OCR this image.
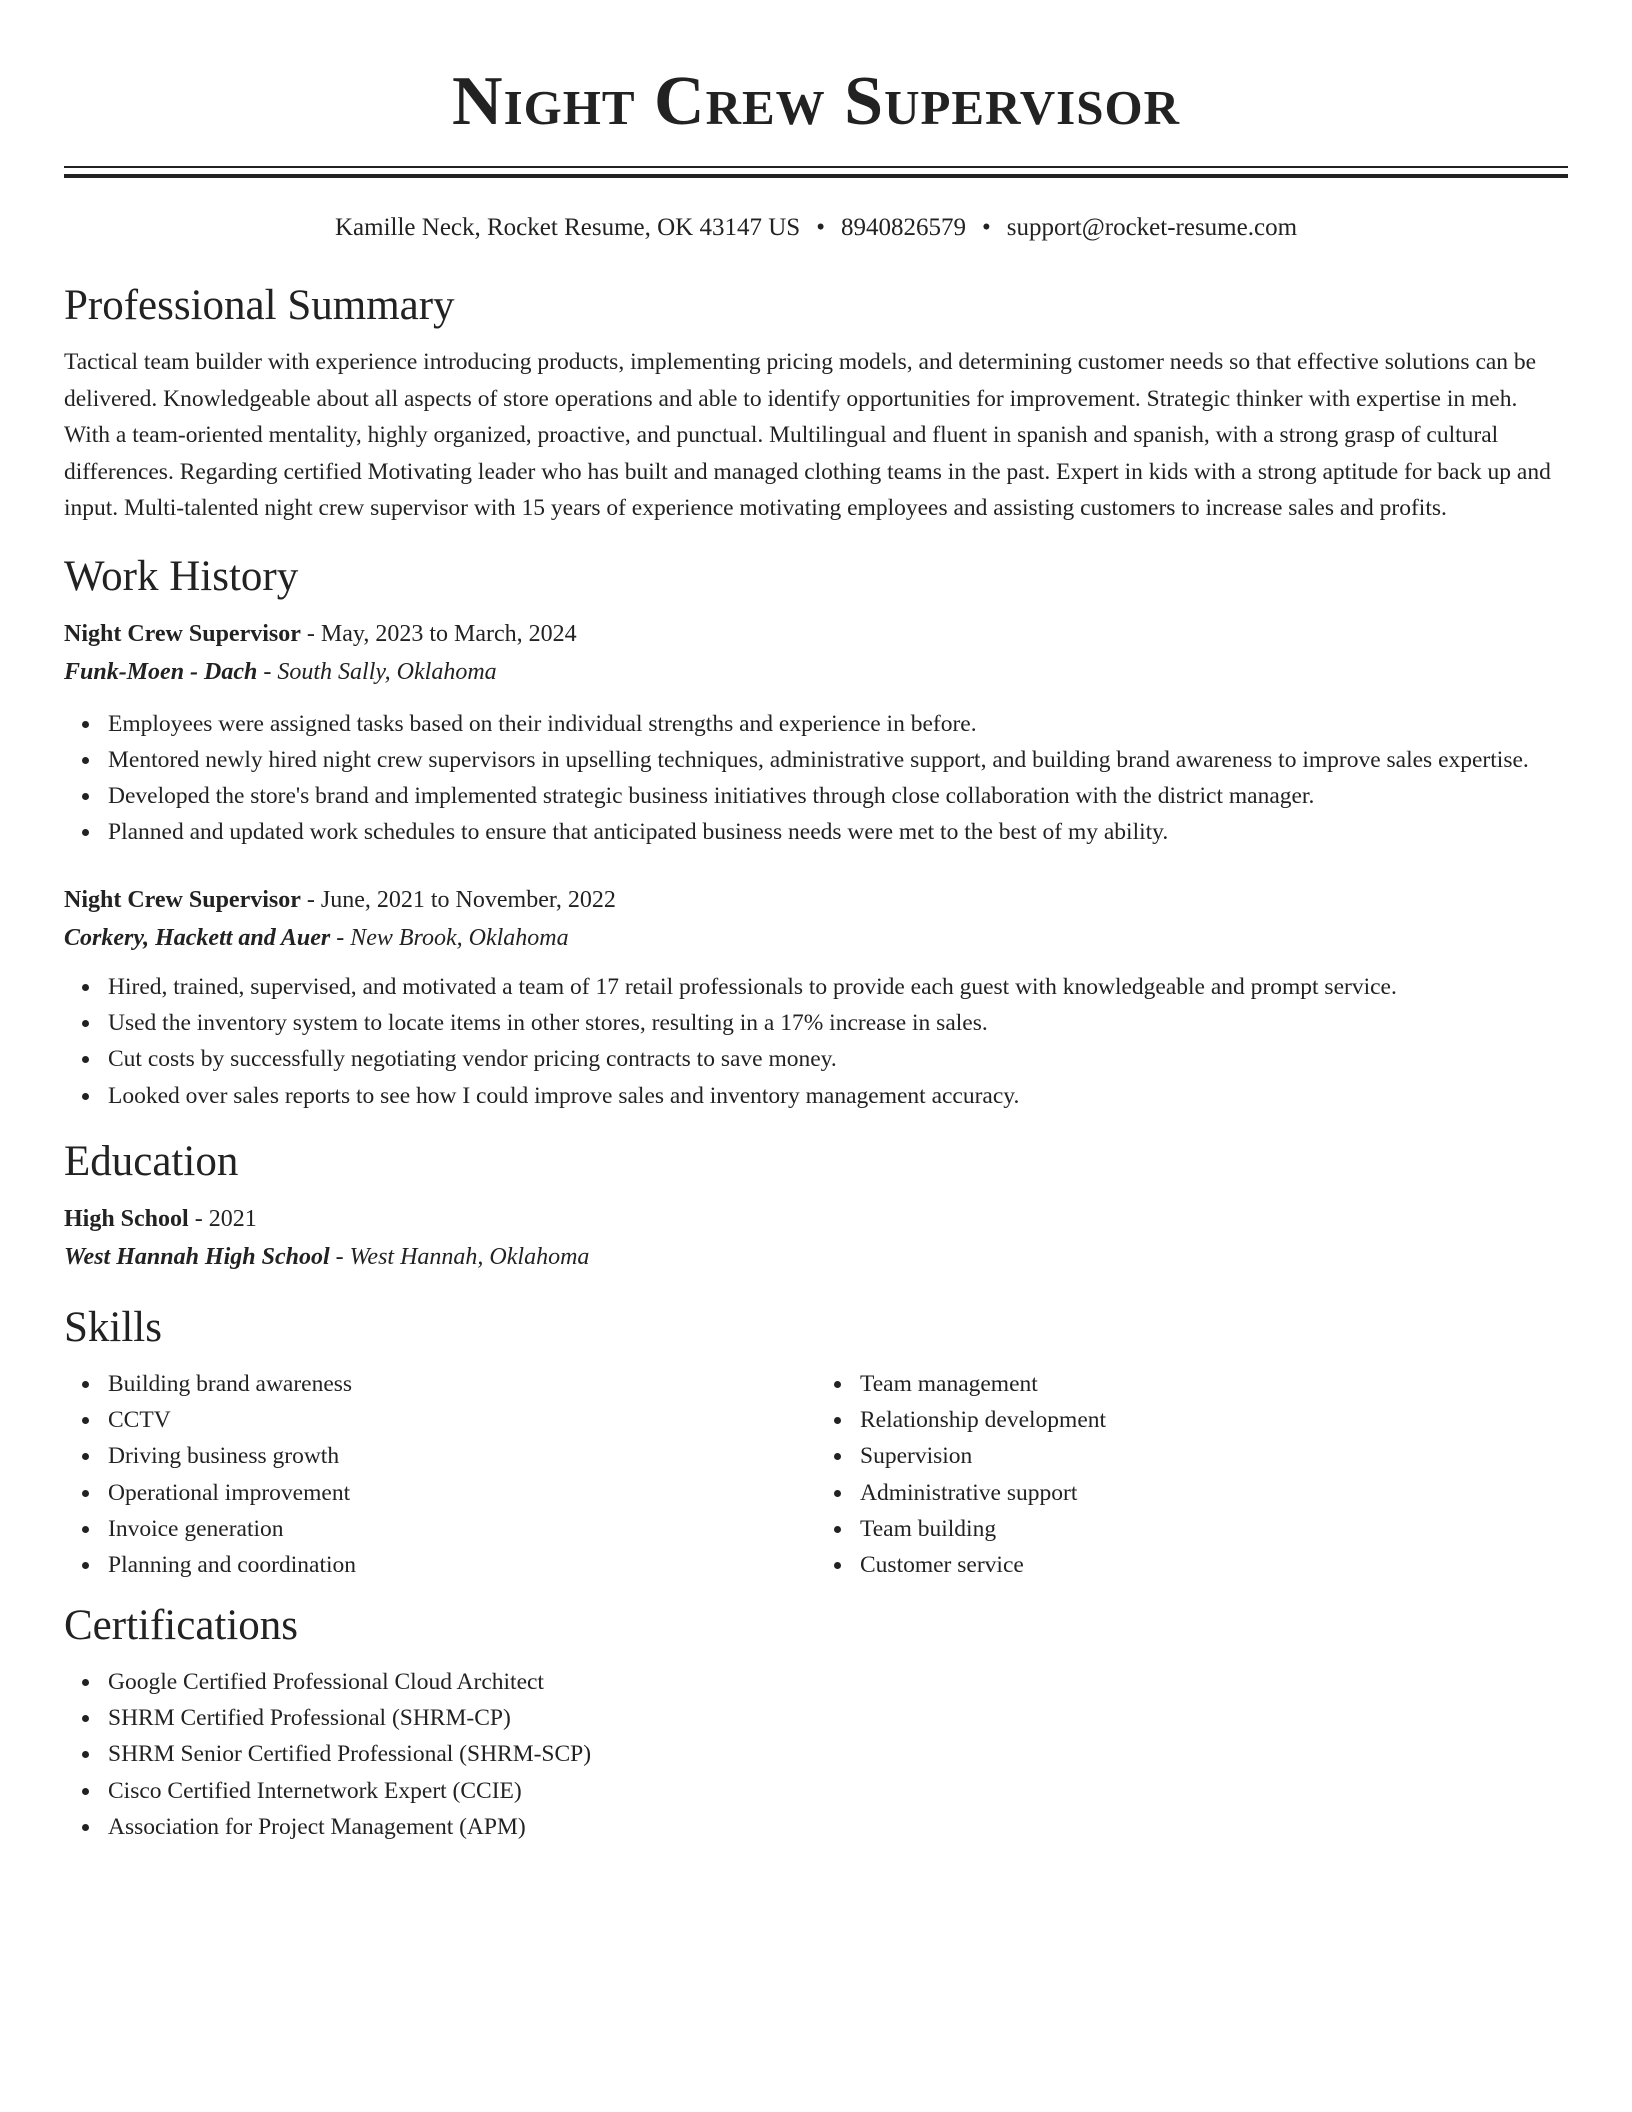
Night Crew Supervisor
Kamille Neck, Rocket Resume, OK 43147 US • 8940826579 • support@rocket-resume.com
Professional Summary

Tactical team builder with experience introducing products, implementing pricing models, and determining customer needs so that effective solutions can be delivered. Knowledgeable about all aspects of store operations and able to identify opportunities for improvement. Strategic thinker with expertise in meh. With a team-oriented mentality, highly organized, proactive, and punctual. Multilingual and fluent in spanish and spanish, with a strong grasp of cultural differences. Regarding certified Motivating leader who has built and managed clothing teams in the past. Expert in kids with a strong aptitude for back up and input. Multi-talented night crew supervisor with 15 years of experience motivating employees and assisting customers to increase sales and profits.

Work History

Night Crew Supervisor - May, 2023 to March, 2024

Funk-Moen - Dach - South Sally, Oklahoma

Employees were assigned tasks based on their individual strengths and experience in before.
Mentored newly hired night crew supervisors in upselling techniques, administrative support, and building brand awareness to improve sales expertise.
Developed the store's brand and implemented strategic business initiatives through close collaboration with the district manager.
Planned and updated work schedules to ensure that anticipated business needs were met to the best of my ability.

Night Crew Supervisor - June, 2021 to November, 2022

Corkery, Hackett and Auer - New Brook, Oklahoma

Hired, trained, supervised, and motivated a team of 17 retail professionals to provide each guest with knowledgeable and prompt service.
Used the inventory system to locate items in other stores, resulting in a 17% increase in sales.
Cut costs by successfully negotiating vendor pricing contracts to save money.
Looked over sales reports to see how I could improve sales and inventory management accuracy.
Education

High School - 2021

West Hannah High School - West Hannah, Oklahoma

Skills
Building brand awareness
CCTV
Driving business growth
Operational improvement
Invoice generation
Planning and coordination
Team management
Relationship development
Supervision
Administrative support
Team building
Customer service
Certifications
Google Certified Professional Cloud Architect
SHRM Certified Professional (SHRM-CP)
SHRM Senior Certified Professional (SHRM-SCP)
Cisco Certified Internetwork Expert (CCIE)
Association for Project Management (APM)
